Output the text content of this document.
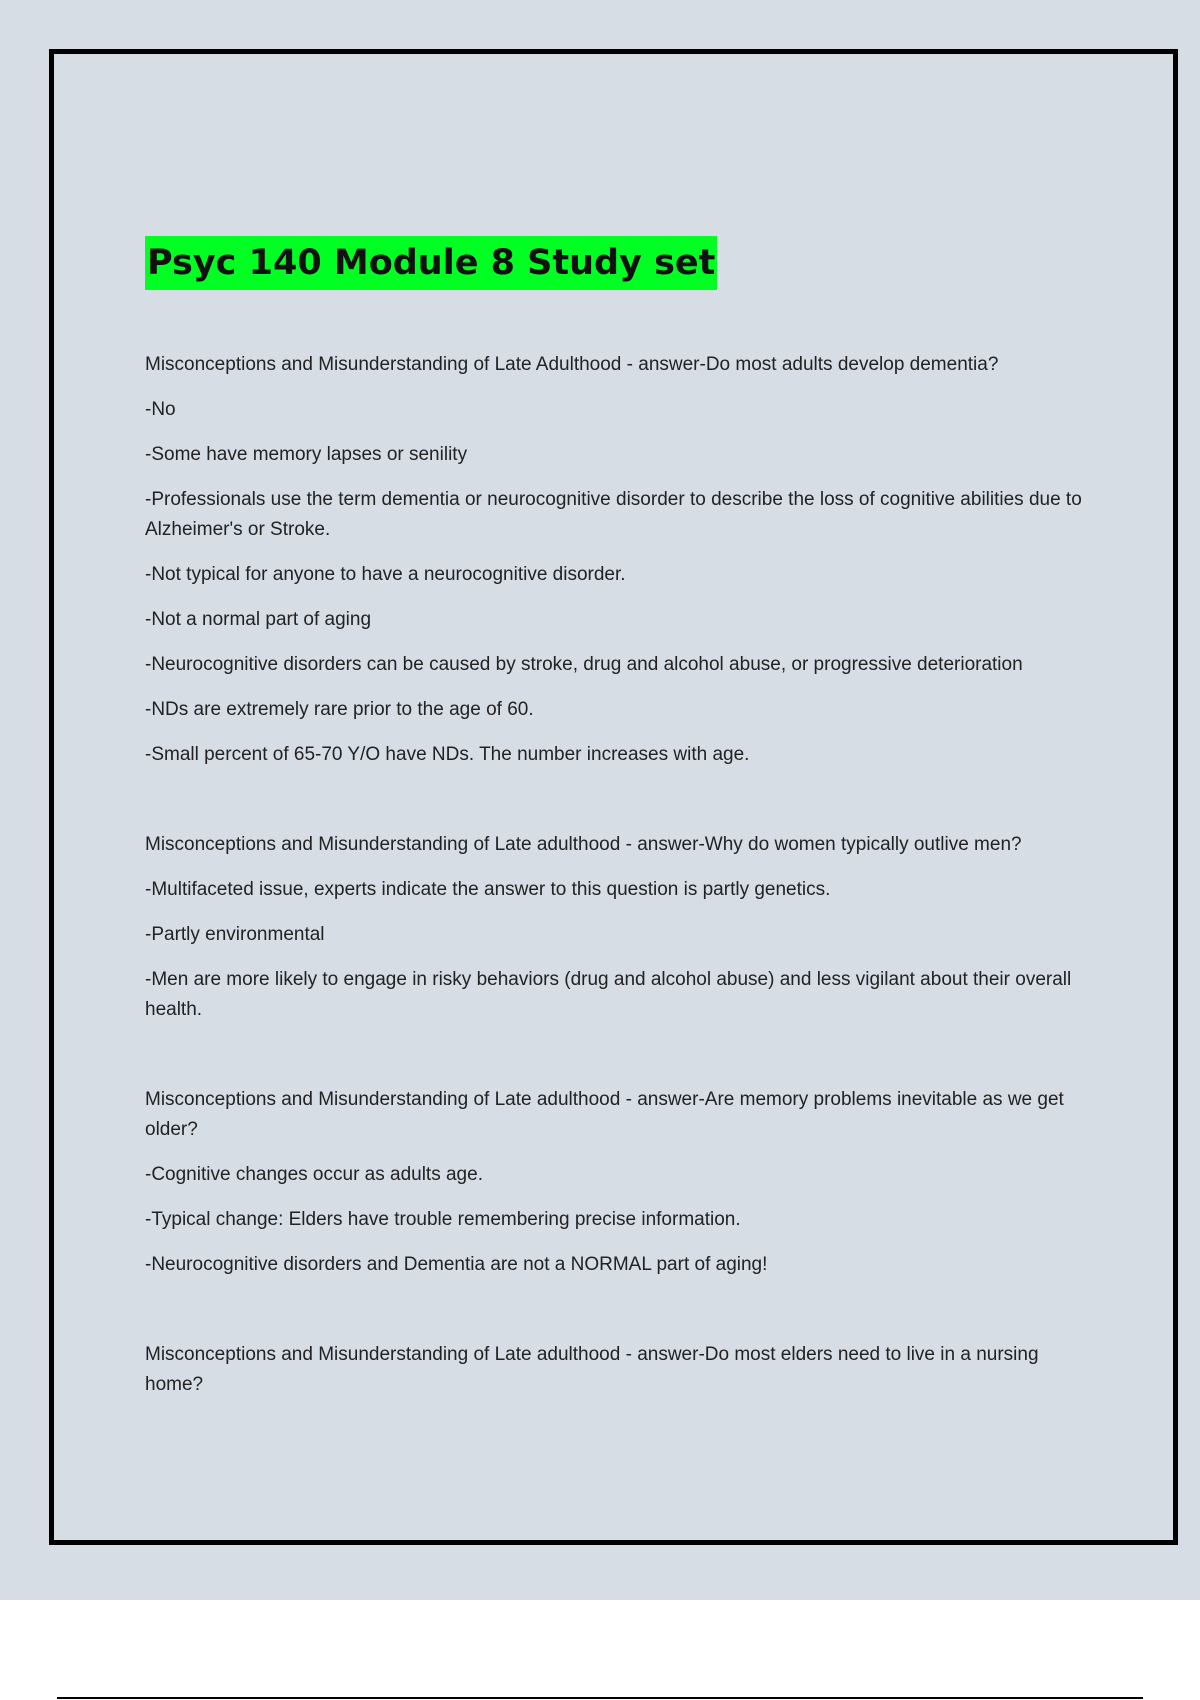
Psyc 140 Module 8 Study set

Misconceptions and Misunderstanding of Late Adulthood - answer-Do most adults develop dementia?

-No

-Some have memory lapses or senility

-Professionals use the term dementia or neurocognitive disorder to describe the loss of cognitive abilities due to Alzheimer's or Stroke.

-Not typical for anyone to have a neurocognitive disorder.

-Not a normal part of aging

-Neurocognitive disorders can be caused by stroke, drug and alcohol abuse, or progressive deterioration

-NDs are extremely rare prior to the age of 60.

-Small percent of 65-70 Y/O have NDs. The number increases with age.

Misconceptions and Misunderstanding of Late adulthood - answer-Why do women typically outlive men?

-Multifaceted issue, experts indicate the answer to this question is partly genetics.

-Partly environmental

-Men are more likely to engage in risky behaviors (drug and alcohol abuse) and less vigilant about their overall health.

Misconceptions and Misunderstanding of Late adulthood - answer-Are memory problems inevitable as we get older?

-Cognitive changes occur as adults age.

-Typical change: Elders have trouble remembering precise information.

-Neurocognitive disorders and Dementia are not a NORMAL part of aging!

Misconceptions and Misunderstanding of Late adulthood - answer-Do most elders need to live in a nursing home?
